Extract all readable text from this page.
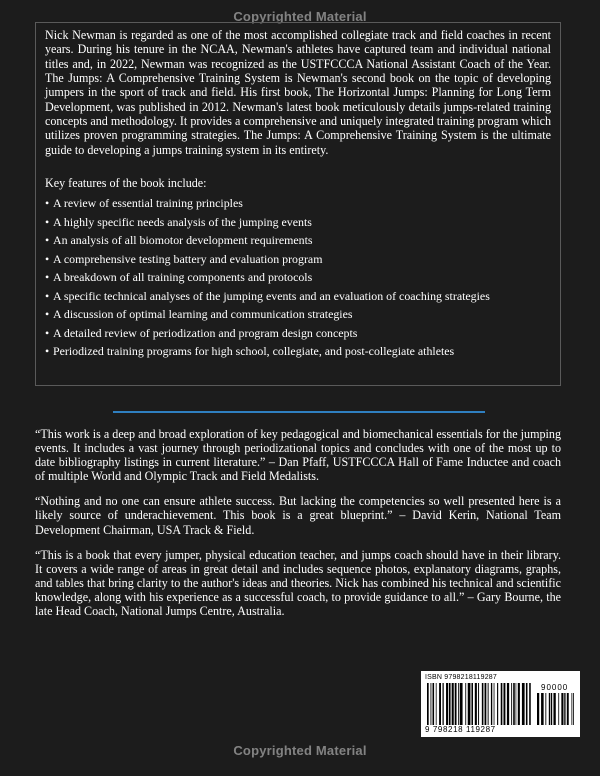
Copyrighted Material

Nick Newman is regarded as one of the most accomplished collegiate track and field coaches in recent years. During his tenure in the NCAA, Newman's athletes have captured team and individual national titles and, in 2022, Newman was recognized as the USTFCCCA National Assistant Coach of the Year. The Jumps: A Comprehensive Training System is Newman's second book on the topic of developing jumpers in the sport of track and field. His first book, The Horizontal Jumps: Planning for Long Term Development, was published in 2012. Newman's latest book meticulously details jumps-related training concepts and methodology. It provides a comprehensive and uniquely integrated training program which utilizes proven programming strategies. The Jumps: A Comprehensive Training System is the ultimate guide to developing a jumps training system in its entirety.

Key features of the book include:

• A review of essential training principles
• A highly specific needs analysis of the jumping events
• An analysis of all biomotor development requirements
• A comprehensive testing battery and evaluation program
• A breakdown of all training components and protocols
• A specific technical analyses of the jumping events and an evaluation of coaching strategies
• A discussion of optimal learning and communication strategies
• A detailed review of periodization and program design concepts
• Periodized training programs for high school, collegiate, and post-collegiate athletes

“This work is a deep and broad exploration of key pedagogical and biomechanical essentials for the jumping events. It includes a vast journey through periodizational topics and concludes with one of the most up to date bibliography listings in current literature.” – Dan Pfaff, USTFCCCA Hall of Fame Inductee and coach of multiple World and Olympic Track and Field Medalists.

“Nothing and no one can ensure athlete success. But lacking the competencies so well presented here is a likely source of underachievement. This book is a great blueprint.” – David Kerin, National Team Development Chairman, USA Track & Field.

“This is a book that every jumper, physical education teacher, and jumps coach should have in their library. It covers a wide range of areas in great detail and includes sequence photos, explanatory diagrams, graphs, and tables that bring clarity to the author's ideas and theories. Nick has combined his technical and scientific knowledge, along with his experience as a successful coach, to provide guidance to all.” – Gary Bourne, the late Head Coach, National Jumps Centre, Australia.

ISBN 9798218119287
90000
9 798218 119287
Copyrighted Material
